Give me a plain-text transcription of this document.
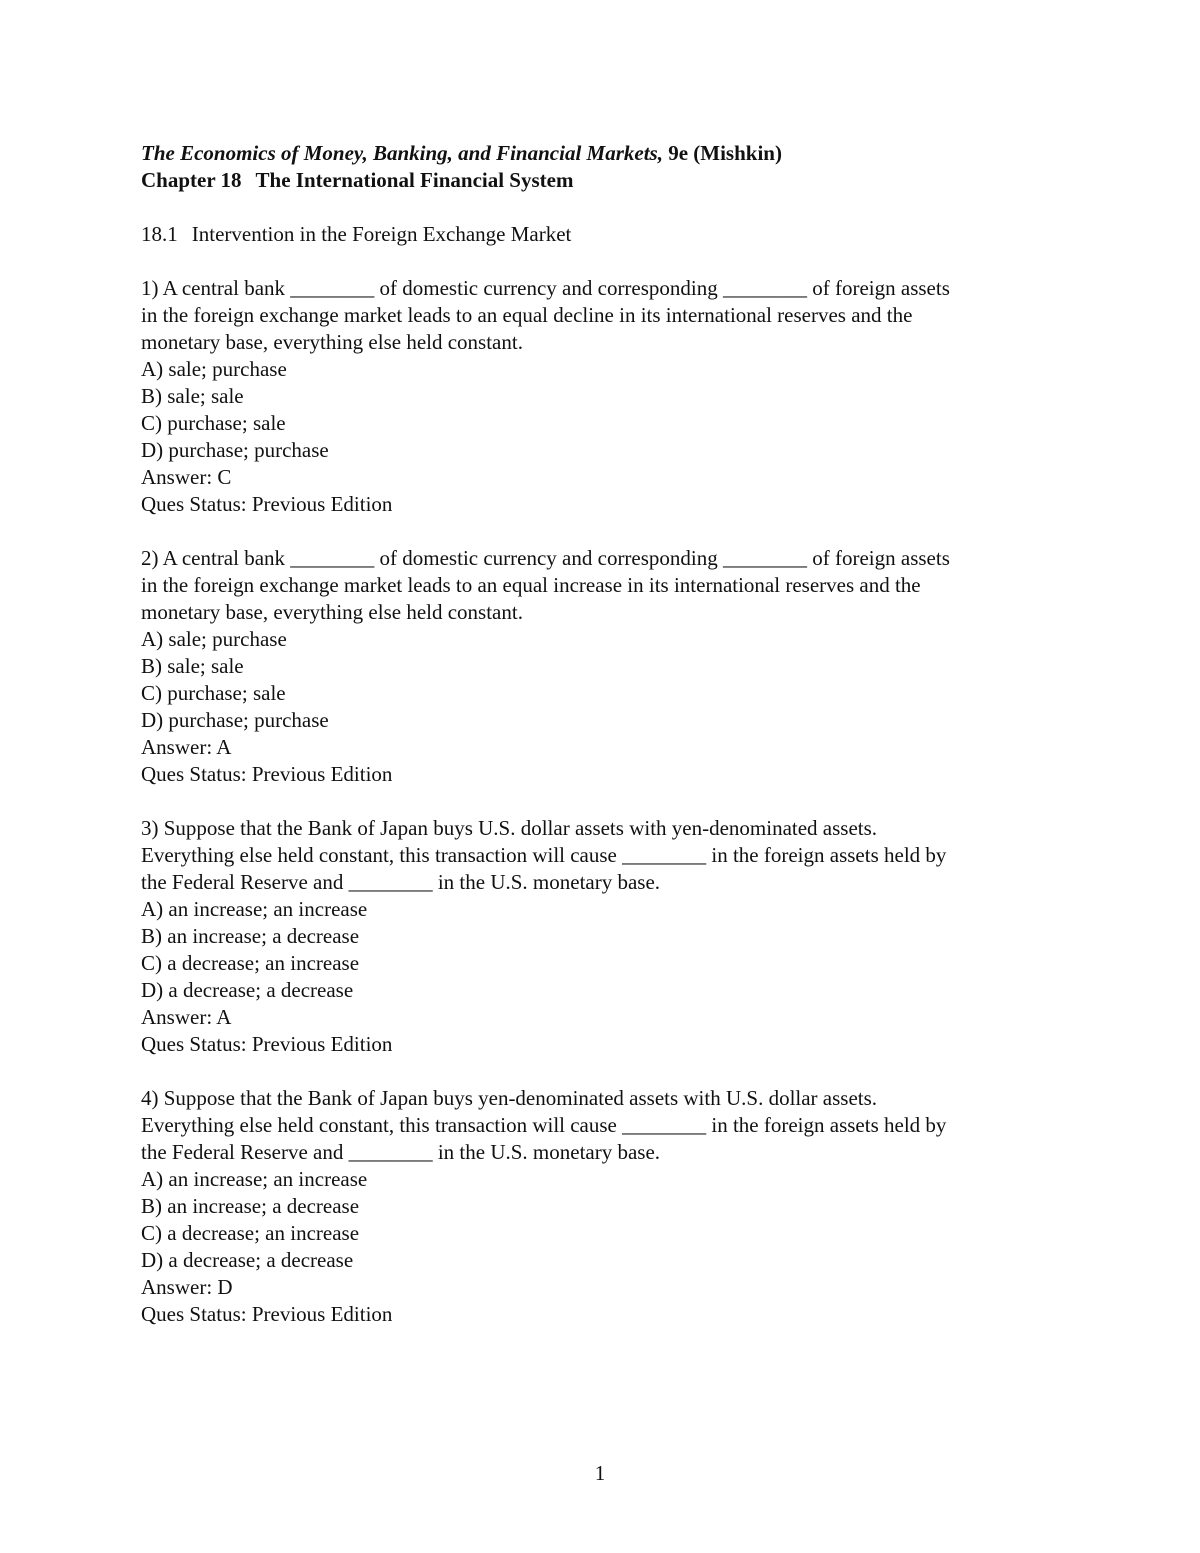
The Economics of Money, Banking, and Financial Markets, 9e (Mishkin)

Chapter 18 The International Financial System

18.1 Intervention in the Foreign Exchange Market

1) A central bank ________ of domestic currency and corresponding ________ of foreign assets
in the foreign exchange market leads to an equal decline in its international reserves and the
monetary base, everything else held constant.

A) sale; purchase

B) sale; sale

C) purchase; sale

D) purchase; purchase

Answer: C

Ques Status: Previous Edition

2) A central bank ________ of domestic currency and corresponding ________ of foreign assets
in the foreign exchange market leads to an equal increase in its international reserves and the
monetary base, everything else held constant.

A) sale; purchase

B) sale; sale

C) purchase; sale

D) purchase; purchase

Answer: A

Ques Status: Previous Edition

3) Suppose that the Bank of Japan buys U.S. dollar assets with yen-denominated assets.
Everything else held constant, this transaction will cause ________ in the foreign assets held by
the Federal Reserve and ________ in the U.S. monetary base.

A) an increase; an increase

B) an increase; a decrease

C) a decrease; an increase

D) a decrease; a decrease

Answer: A

Ques Status: Previous Edition

4) Suppose that the Bank of Japan buys yen-denominated assets with U.S. dollar assets.
Everything else held constant, this transaction will cause ________ in the foreign assets held by
the Federal Reserve and ________ in the U.S. monetary base.

A) an increase; an increase

B) an increase; a decrease

C) a decrease; an increase

D) a decrease; a decrease

Answer: D

Ques Status: Previous Edition

1
